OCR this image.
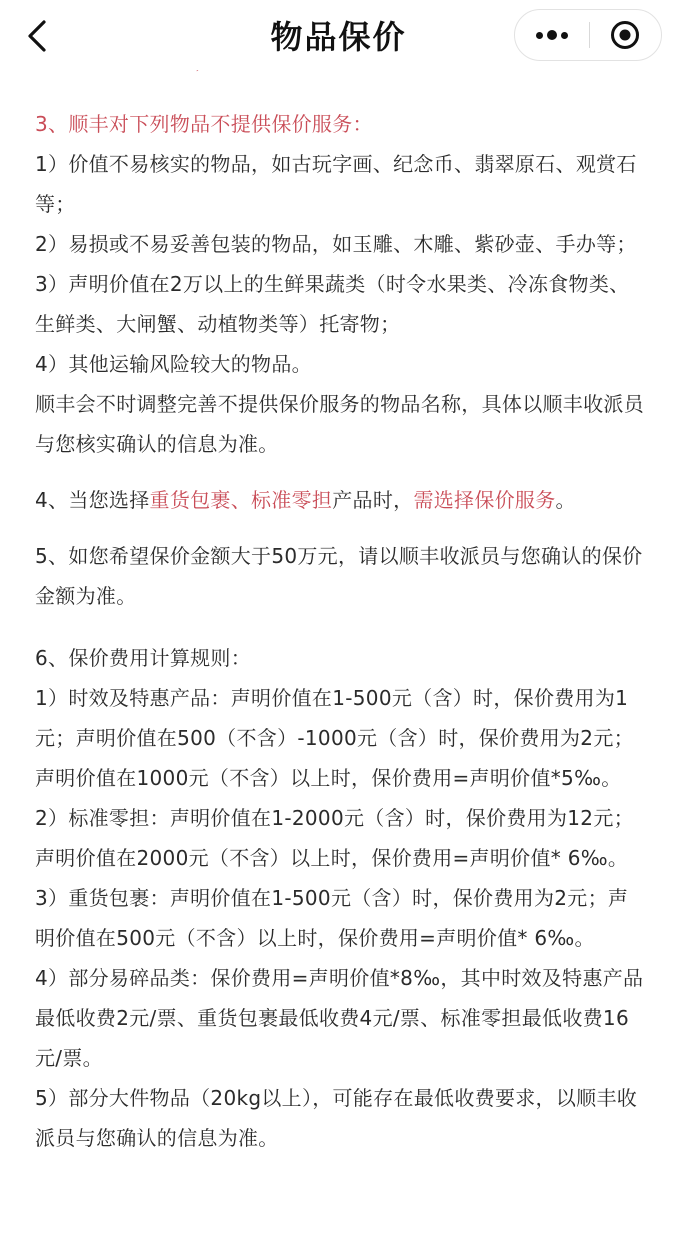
物品保价

3、顺丰对下列物品不提供保价服务：

1）价值不易核实的物品，如古玩字画、纪念币、翡翠原石、观赏石等；

2）易损或不易妥善包装的物品，如玉雕、木雕、紫砂壶、手办等；

3）声明价值在2万以上的生鲜果蔬类（时令水果类、冷冻食物类、生鲜类、大闸蟹、动植物类等）托寄物；

4）其他运输风险较大的物品。

顺丰会不时调整完善不提供保价服务的物品名称，具体以顺丰收派员与您核实确认的信息为准。

4、当您选择重货包裹、标准零担产品时，需选择保价服务。

5、如您希望保价金额大于50万元，请以顺丰收派员与您确认的保价金额为准。

6、保价费用计算规则：

1）时效及特惠产品：声明价值在1-500元（含）时，保价费用为1元；声明价值在500（不含）-1000元（含）时，保价费用为2元；声明价值在1000元（不含）以上时，保价费用=声明价值*5‰。

2）标准零担：声明价值在1-2000元（含）时，保价费用为12元；声明价值在2000元（不含）以上时，保价费用=声明价值* 6‰。

3）重货包裹：声明价值在1-500元（含）时，保价费用为2元；声明价值在500元（不含）以上时，保价费用=声明价值* 6‰。

4）部分易碎品类：保价费用=声明价值*8‰，其中时效及特惠产品最低收费2元/票、重货包裹最低收费4元/票、标准零担最低收费16元/票。

5）部分大件物品（20kg以上），可能存在最低收费要求，以顺丰收派员与您确认的信息为准。
